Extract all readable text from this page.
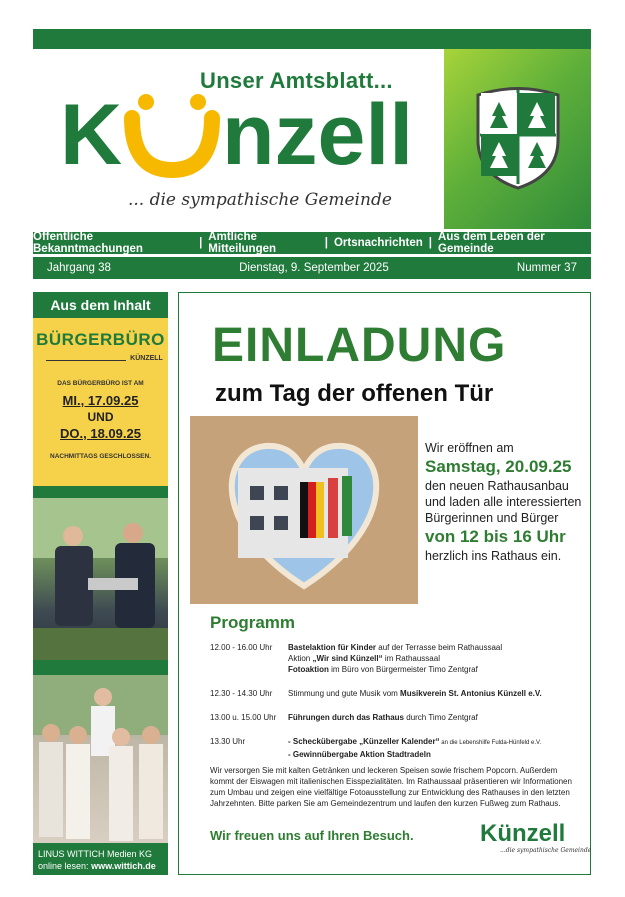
Unser Amtsblatt...
K nzell
... die sympathische Gemeinde
Öffentliche Bekanntmachungen	| Amtliche Mitteilungen	| Ortsnachrichten | Aus dem Leben der Gemeinde
Jahrgang 38	Dienstag, 9. September 2025	Nummer 37
Aus dem Inhalt
BÜRGERBÜRO
KÜNZELL
DAS BÜRGERBÜRO IST AM
MI., 17.09.25
UND
DO., 18.09.25
NACHMITTAGS GESCHLOSSEN.
LINUS WITTICH Medien KG
online lesen: www.wittich.de
EINLADUNG
zum Tag der offenen Tür
Wir eröffnen am
Samstag, 20.09.25
den neuen Rathausanbau und laden alle interessierten Bürgerinnen und Bürger
von 12 bis 16 Uhr
herzlich ins Rathaus ein.
Programm
12.00 - 16.00 Uhr	Bastelaktion für Kinder auf der Terrasse beim Rathaussaal
Aktion „Wir sind Künzell“ im Rathaussaal
Fotoaktion im Büro von Bürgermeister Timo Zentgraf
12.30 - 14.30 Uhr	Stimmung und gute Musik vom Musikverein St. Antonius Künzell e.V.
13.00 u. 15.00 Uhr	Führungen durch das Rathaus durch Timo Zentgraf
13.30 Uhr	- Scheckübergabe „Künzeller Kalender“ an die Lebenshilfe Fulda-Hünfeld e.V.
- Gewinnübergabe Aktion Stadtradeln
Wir versorgen Sie mit kalten Getränken und leckeren Speisen sowie frischem Popcorn. Außerdem kommt der Eiswagen mit italienischen Eisspezialitäten. Im Rathaussaal präsentieren wir Informationen zum Umbau und zeigen eine vielfältige Fotoausstellung zur Entwicklung des Rathauses in den letzten Jahrzehnten. Bitte parken Sie am Gemeindezentrum und laufen den kurzen Fußweg zum Rathaus.
Wir freuen uns auf Ihren Besuch.	Künzell
...die sympathische Gemeinde
